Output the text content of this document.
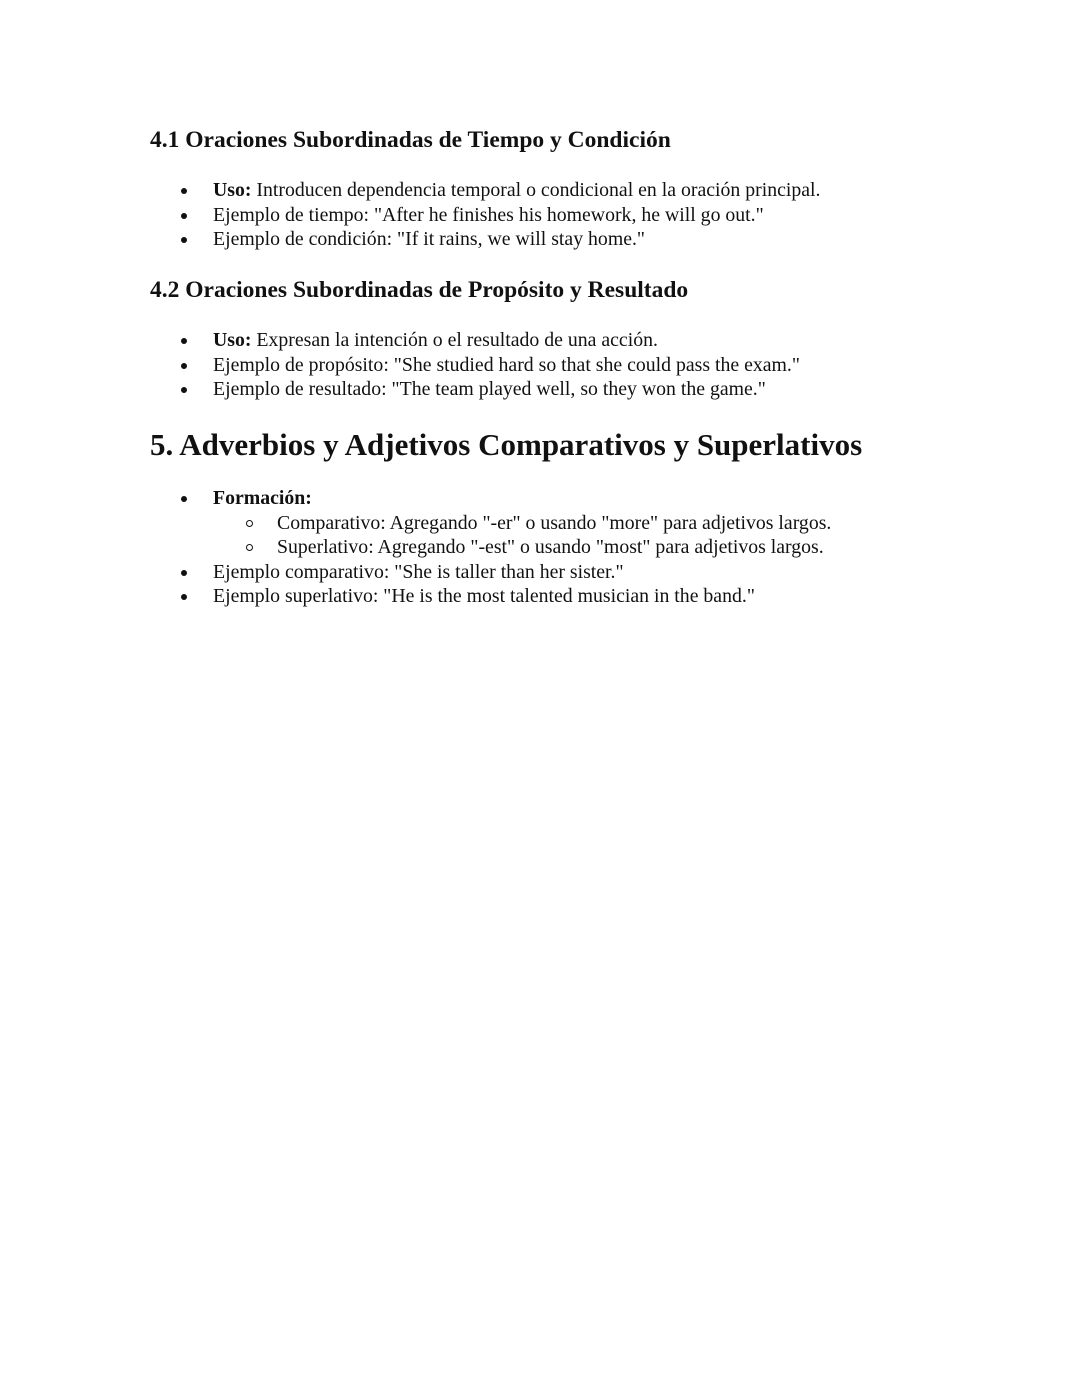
4.1 Oraciones Subordinadas de Tiempo y Condición
Uso: Introducen dependencia temporal o condicional en la oración principal.
Ejemplo de tiempo: "After he finishes his homework, he will go out."
Ejemplo de condición: "If it rains, we will stay home."
4.2 Oraciones Subordinadas de Propósito y Resultado
Uso: Expresan la intención o el resultado de una acción.
Ejemplo de propósito: "She studied hard so that she could pass the exam."
Ejemplo de resultado: "The team played well, so they won the game."
5. Adverbios y Adjetivos Comparativos y Superlativos
Formación:
Comparativo: Agregando "-er" o usando "more" para adjetivos largos.
Superlativo: Agregando "-est" o usando "most" para adjetivos largos.
Ejemplo comparativo: "She is taller than her sister."
Ejemplo superlativo: "He is the most talented musician in the band."
